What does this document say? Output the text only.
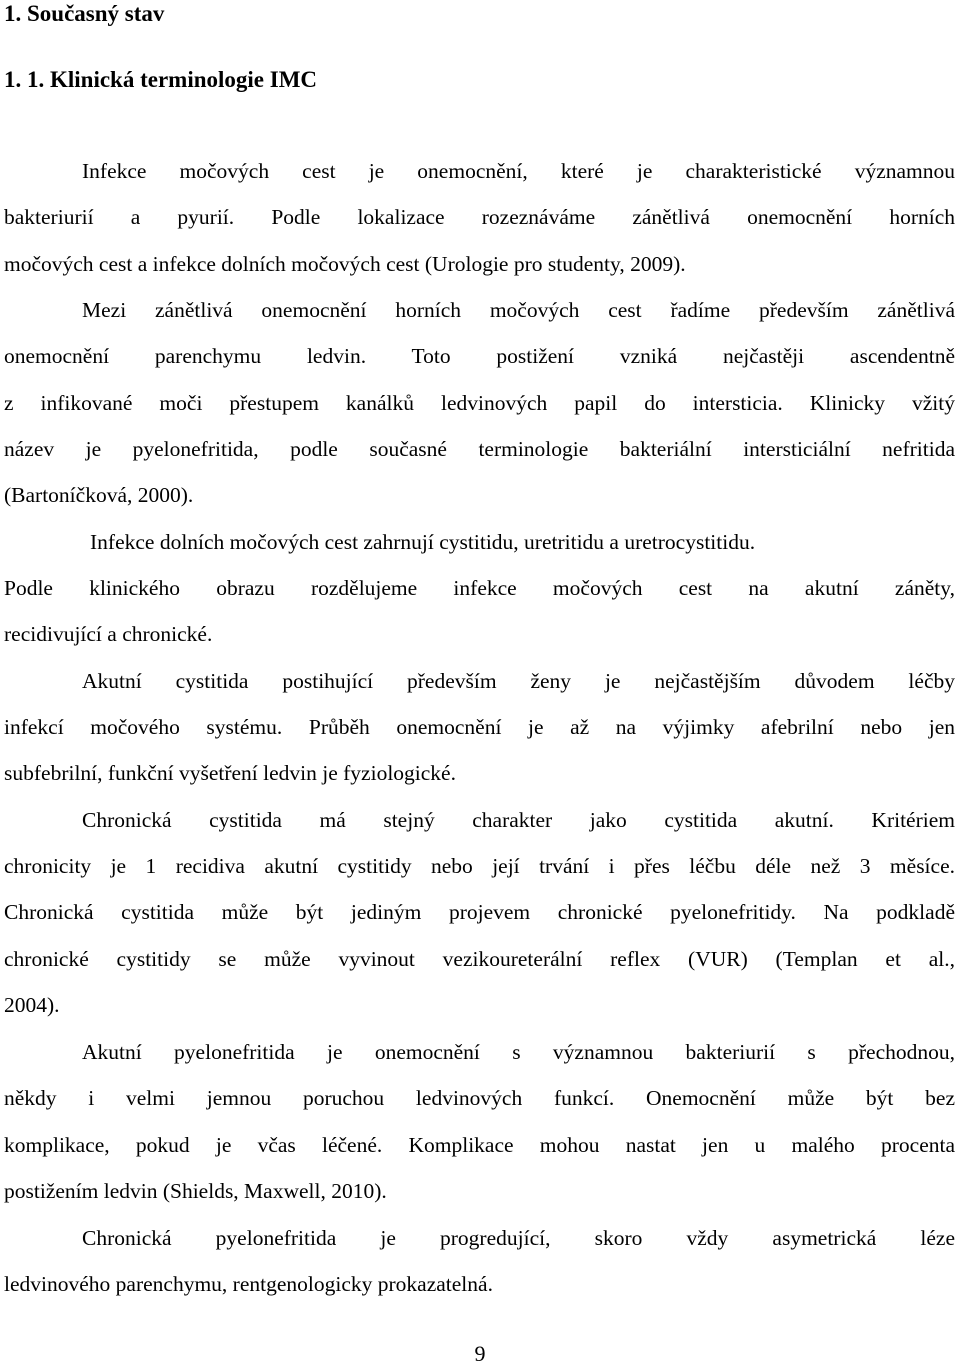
1. Současný stav
1. 1. Klinická terminologie IMC
Infekce močových cest je onemocnění, které je charakteristické významnou
bakteriurií a pyurií. Podle lokalizace rozeznáváme zánětlivá onemocnění horních
močových cest a infekce dolních močových cest (Urologie pro studenty, 2009).
Mezi zánětlivá onemocnění horních močových cest řadíme především zánětlivá
onemocnění parenchymu ledvin. Toto postižení vzniká nejčastěji ascendentně
z infikované moči přestupem kanálků ledvinových papil do intersticia. Klinicky vžitý
název je pyelonefritida, podle současné terminologie bakteriální intersticiální nefritida
(Bartoníčková, 2000).
Infekce dolních močových cest zahrnují cystitidu, uretritidu a uretrocystitidu.
Podle klinického obrazu rozdělujeme infekce močových cest na akutní záněty,
recidivující a chronické.
Akutní cystitida postihující především ženy je nejčastějším důvodem léčby
infekcí močového systému. Průběh onemocnění je až na výjimky afebrilní nebo jen
subfebrilní, funkční vyšetření ledvin je fyziologické.
Chronická cystitida má stejný charakter jako cystitida akutní. Kritériem
chronicity je 1 recidiva akutní cystitidy nebo její trvání i přes léčbu déle než 3 měsíce.
Chronická cystitida může být jediným projevem chronické pyelonefritidy. Na podkladě
chronické cystitidy se může vyvinout vezikoureterální reflex (VUR) (Templan et al.,
2004).
Akutní pyelonefritida je onemocnění s významnou bakteriurií s přechodnou,
někdy i velmi jemnou poruchou ledvinových funkcí. Onemocnění může být bez
komplikace, pokud je včas léčené. Komplikace mohou nastat jen u malého procenta
postižením ledvin (Shields, Maxwell, 2010).
Chronická pyelonefritida je progredující, skoro vždy asymetrická léze
ledvinového parenchymu, rentgenologicky prokazatelná.
9
